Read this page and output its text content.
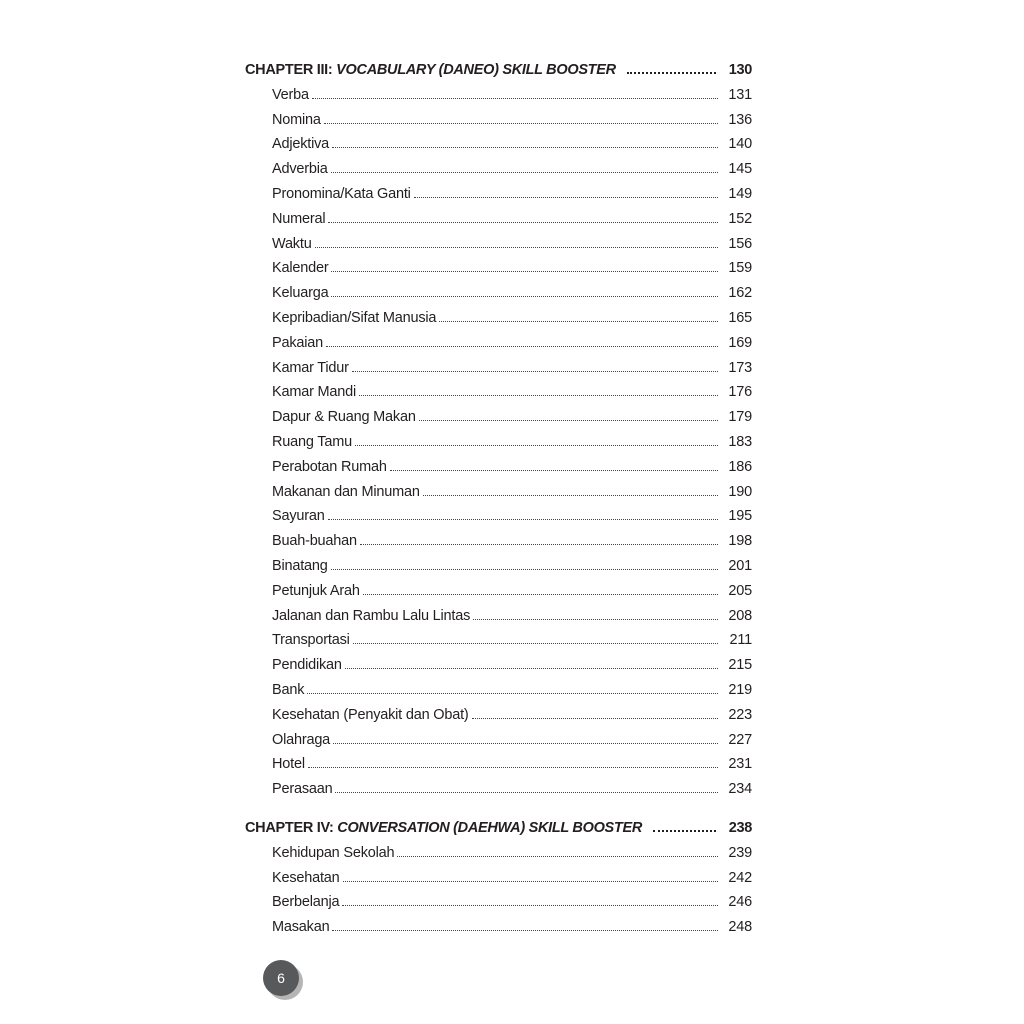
CHAPTER III: VOCABULARY (DANEO) SKILL BOOSTER	130
Verba	131
Nomina	136
Adjektiva	140
Adverbia	145
Pronomina/Kata Ganti	149
Numeral	152
Waktu	156
Kalender	159
Keluarga	162
Kepribadian/Sifat Manusia	165
Pakaian	169
Kamar Tidur	173
Kamar Mandi	176
Dapur & Ruang Makan	179
Ruang Tamu	183
Perabotan Rumah	186
Makanan dan Minuman	190
Sayuran	195
Buah-buahan	198
Binatang	201
Petunjuk Arah	205
Jalanan dan Rambu Lalu Lintas	208
Transportasi	211
Pendidikan	215
Bank	219
Kesehatan (Penyakit dan Obat)	223
Olahraga	227
Hotel	231
Perasaan	234
CHAPTER IV: CONVERSATION (DAEHWA) SKILL BOOSTER	238
Kehidupan Sekolah	239
Kesehatan	242
Berbelanja	246
Masakan	248
6
